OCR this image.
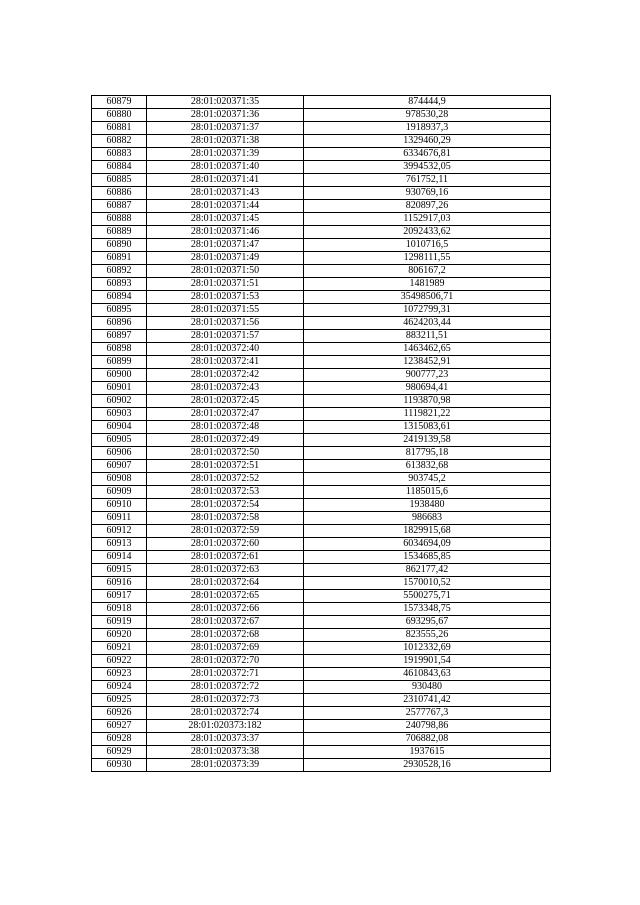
60879	28:01:020371:35	874444,9
60880	28:01:020371:36	978530,28
60881	28:01:020371:37	1918937,3
60882	28:01:020371:38	1329460,29
60883	28:01:020371:39	6334676,81
60884	28:01:020371:40	3994532,05
60885	28:01:020371:41	761752,11
60886	28:01:020371:43	930769,16
60887	28:01:020371:44	820897,26
60888	28:01:020371:45	1152917,03
60889	28:01:020371:46	2092433,62
60890	28:01:020371:47	1010716,5
60891	28:01:020371:49	1298111,55
60892	28:01:020371:50	806167,2
60893	28:01:020371:51	1481989
60894	28:01:020371:53	35498506,71
60895	28:01:020371:55	1072799,31
60896	28:01:020371:56	4624203,44
60897	28:01:020371:57	883211,51
60898	28:01:020372:40	1463462,65
60899	28:01:020372:41	1238452,91
60900	28:01:020372:42	900777,23
60901	28:01:020372:43	980694,41
60902	28:01:020372:45	1193870,98
60903	28:01:020372:47	1119821,22
60904	28:01:020372:48	1315083,61
60905	28:01:020372:49	2419139,58
60906	28:01:020372:50	817795,18
60907	28:01:020372:51	613832,68
60908	28:01:020372:52	903745,2
60909	28:01:020372:53	1185015,6
60910	28:01:020372:54	1938480
60911	28:01:020372:58	986683
60912	28:01:020372:59	1829915,68
60913	28:01:020372:60	6034694,09
60914	28:01:020372:61	1534685,85
60915	28:01:020372:63	862177,42
60916	28:01:020372:64	1570010,52
60917	28:01:020372:65	5500275,71
60918	28:01:020372:66	1573348,75
60919	28:01:020372:67	693295,67
60920	28:01:020372:68	823555,26
60921	28:01:020372:69	1012332,69
60922	28:01:020372:70	1919901,54
60923	28:01:020372:71	4610843,63
60924	28:01:020372:72	930480
60925	28:01:020372:73	2310741,42
60926	28:01:020372:74	2577767,3
60927	28:01:020373:182	240798,86
60928	28:01:020373:37	706882,08
60929	28:01:020373:38	1937615
60930	28:01:020373:39	2930528,16
